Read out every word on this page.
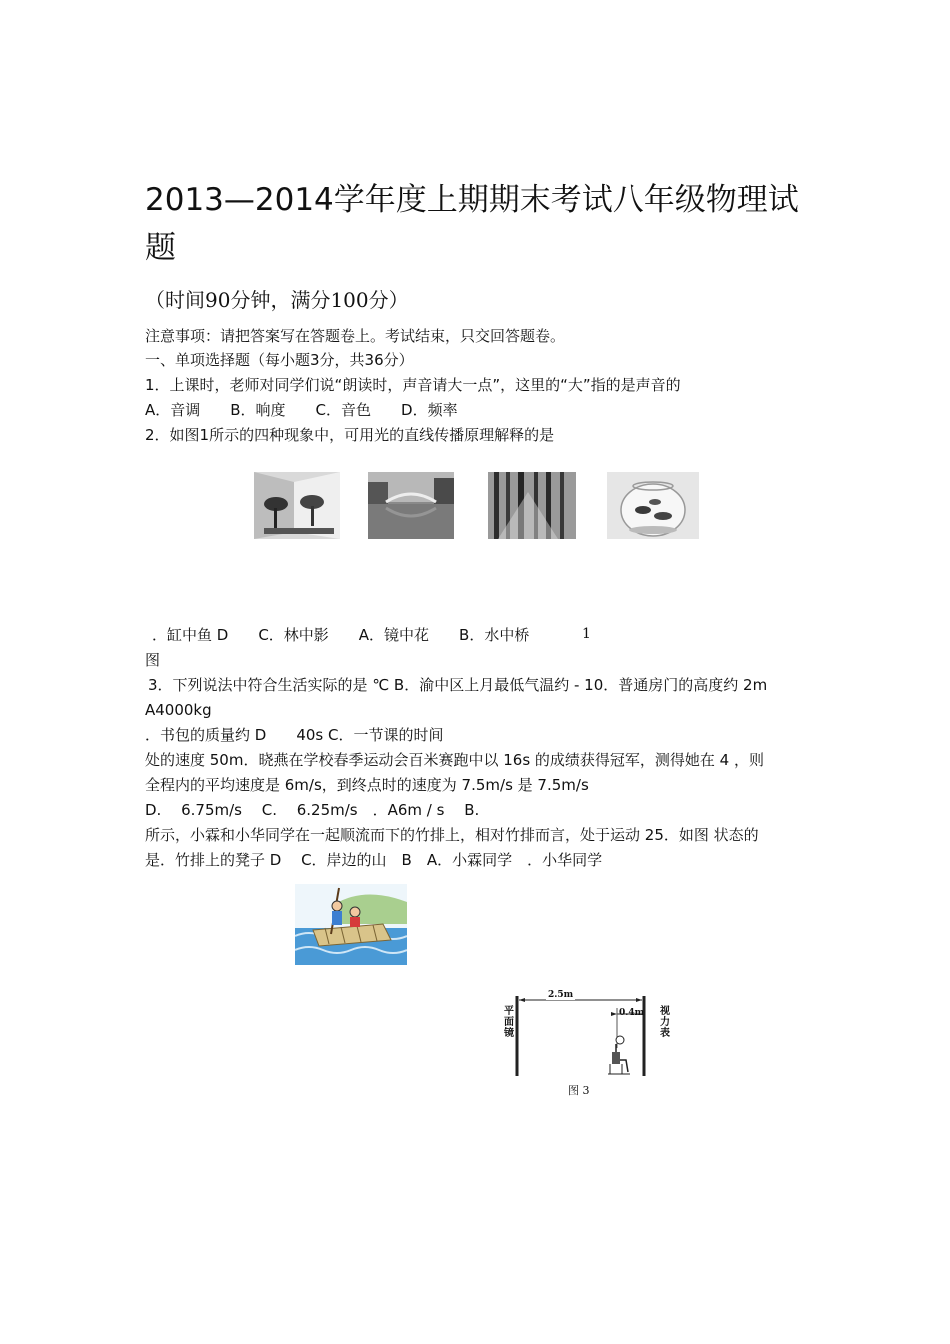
2013—2014学年度上期期末考试八年级物理试题
（时间90分钟，满分100分）
注意事项：请把答案写在答题卷上。考试结束，只交回答题卷。
一、单项选择题（每小题3分，共36分）
1．上课时，老师对同学们说“朗读时，声音请大一点”，这里的“大”指的是声音的
A．音调　　B．响度　　C．音色　　D．频率
2．如图1所示的四种现象中，可用光的直线传播原理解释的是
．缸中鱼 D　　C．林中影　　A．镜中花　　B．水中桥	1
图
3．下列说法中符合生活实际的是 ℃ B．渝中区上月最低气温约 - 10．普通房门的高度约 2m
A4000kg
．书包的质量约 D　　40s C．一节课的时间
处的速度 50m．晓燕在学校春季运动会百米赛跑中以 16s 的成绩获得冠军，测得她在 4 ，则
全程内的平均速度是 6m/s，到终点时的速度为 7.5m/s 是 7.5m/s
D.　 6.75m/s　 C.　 6.25m/s　．A6m / s　 B.
所示，小霖和小华同学在一起顺流而下的竹排上，相对竹排而言，处于运动 25．如图 状态的
是．竹排上的凳子 D　 C．岸边的山　B　A．小霖同学　．小华同学
2.5m
0.4m
平面镜
视力表
图 3
